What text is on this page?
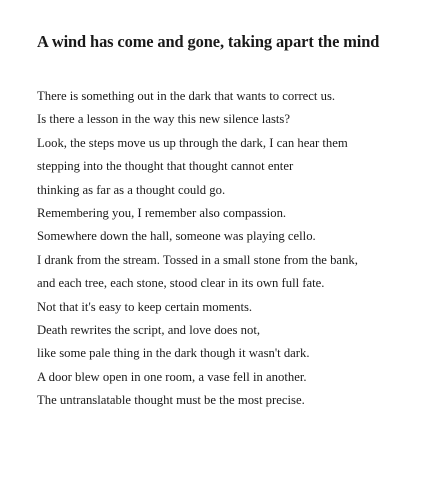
A wind has come and gone, taking apart the mind
There is something out in the dark that wants to correct us.
Is there a lesson in the way this new silence lasts?
Look, the steps move us up through the dark, I can hear them
stepping into the thought that thought cannot enter
thinking as far as a thought could go.
Remembering you, I remember also compassion.
Somewhere down the hall, someone was playing cello.
I drank from the stream. Tossed in a small stone from the bank,
and each tree, each stone, stood clear in its own full fate.
Not that it's easy to keep certain moments.
Death rewrites the script, and love does not,
like some pale thing in the dark though it wasn't dark.
A door blew open in one room, a vase fell in another.
The untranslatable thought must be the most precise.
